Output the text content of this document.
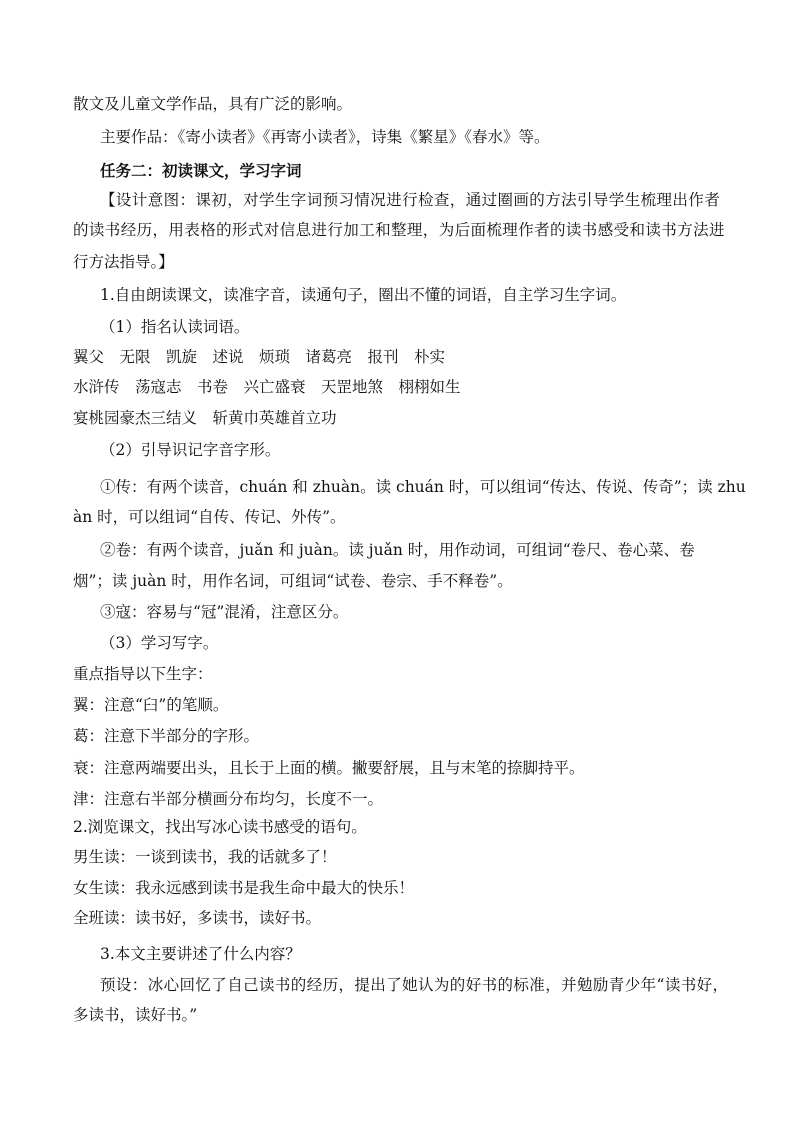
散文及儿童文学作品，具有广泛的影响。
主要作品：《寄小读者》《再寄小读者》，诗集《繁星》《春水》等。
任务二：初读课文，学习字词
【设计意图：课初，对学生字词预习情况进行检查，通过圈画的方法引导学生梳理出作者
的读书经历，用表格的形式对信息进行加工和整理，为后面梳理作者的读书感受和读书方法进
行方法指导。】
1.自由朗读课文，读准字音，读通句子，圈出不懂的词语，自主学习生字词。
（1）指名认读词语。
翼父　无限　凯旋　述说　烦琐　诸葛亮　报刊　朴实
水浒传　荡寇志　书卷　兴亡盛衰　天罡地煞　栩栩如生
宴桃园豪杰三结义　斩黄巾英雄首立功
（2）引导识记字音字形。
①传：有两个读音，chuán 和 zhuàn。读 chuán 时，可以组词“传达、传说、传奇”；读 zhu
àn 时，可以组词“自传、传记、外传”。
②卷：有两个读音，juǎn 和 juàn。读 juǎn 时，用作动词，可组词“卷尺、卷心菜、卷
烟”；读 juàn 时，用作名词，可组词“试卷、卷宗、手不释卷”。
③寇：容易与“冠”混淆，注意区分。
（3）学习写字。
重点指导以下生字：
翼：注意“臼”的笔顺。
葛：注意下半部分的字形。
衰：注意两端要出头，且长于上面的横。撇要舒展，且与末笔的捺脚持平。
津：注意右半部分横画分布均匀，长度不一。
2.浏览课文，找出写冰心读书感受的语句。
男生读：一谈到读书，我的话就多了！
女生读：我永远感到读书是我生命中最大的快乐！
全班读：读书好，多读书，读好书。
3.本文主要讲述了什么内容？
预设：冰心回忆了自己读书的经历，提出了她认为的好书的标准，并勉励青少年“读书好，
多读书，读好书。”
